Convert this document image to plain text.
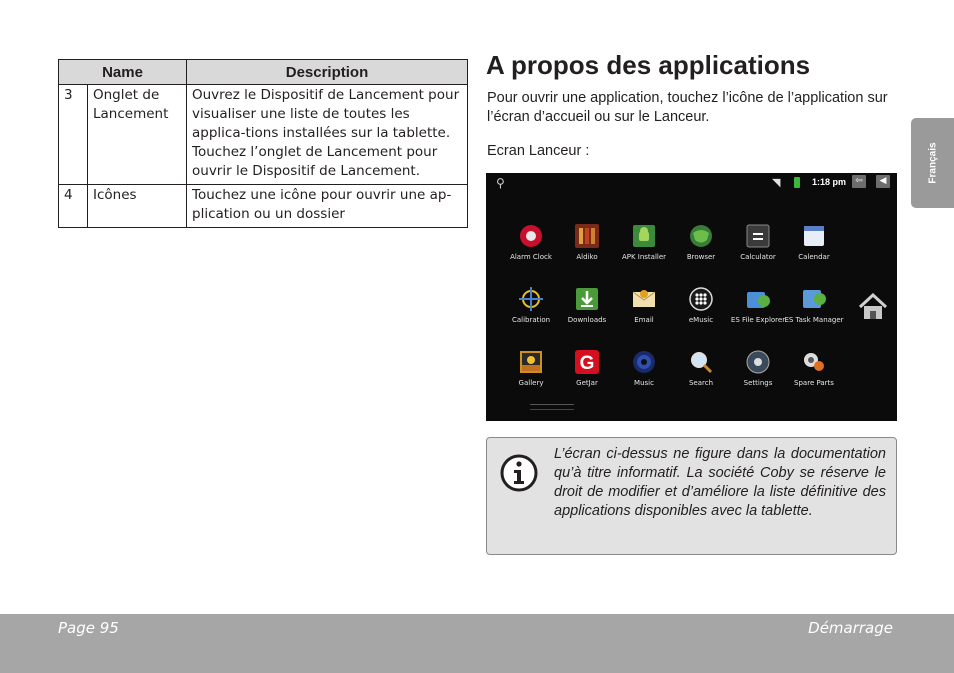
Name		Description
3	Onglet de Lancement	Ouvrez le Dispositif de Lancement pour visualiser une liste de toutes les applica-tions installées sur la tablette. Touchez l’onglet de Lancement pour ouvrir le Dispositif de Lancement.
4	Icônes	Touchez une icône pour ouvrir une ap-plication ou un dossier
A propos des applications
Pour ouvrir une application, touchez l’icône de l’application sur l’écran d’accueil ou sur le Lanceur.
Ecran Lanceur :
⚲	◥	1:18 pm	⇦	◀
Alarm Clock	Aldiko	APK Installer	Browser	Calculator	Calendar
Calibration	Downloads	Email	eMusic	ES File Explorer ES Task Manager
Gallery
G
GetJar	Music	Search	Settings	Spare Parts
L’écran ci-dessus ne figure dans la documentation qu’à titre informatif. La société Coby se réserve le droit de modifier et d’améliore la liste définitive des applications disponibles avec la tablette.
Français
Page 95	Démarrage
